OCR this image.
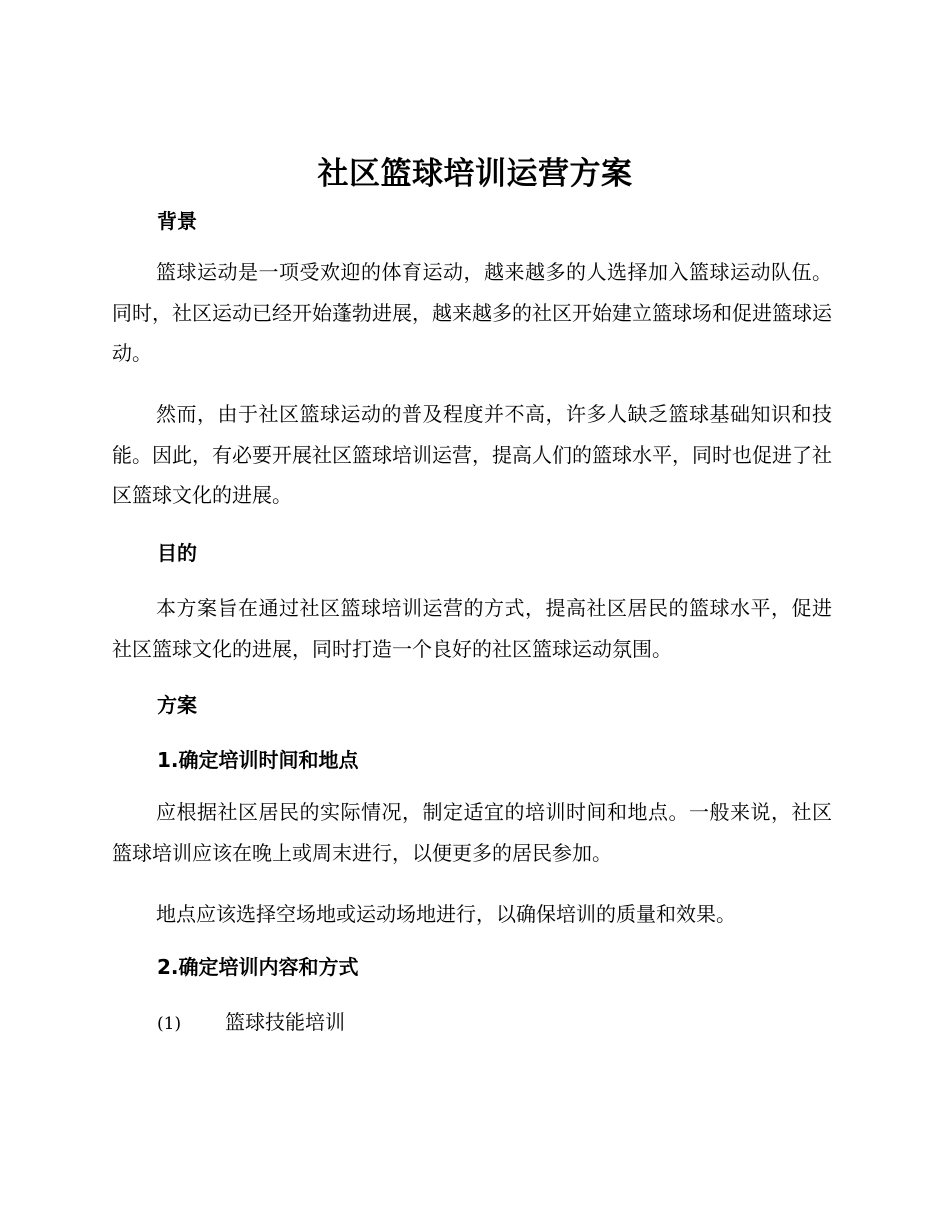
社区篮球培训运营方案
背景
篮球运动是一项受欢迎的体育运动，越来越多的人选择加入篮球运动队伍。同时，社区运动已经开始蓬勃进展，越来越多的社区开始建立篮球场和促进篮球运动。
然而，由于社区篮球运动的普及程度并不高，许多人缺乏篮球基础知识和技能。因此，有必要开展社区篮球培训运营，提高人们的篮球水平，同时也促进了社区篮球文化的进展。
目的
本方案旨在通过社区篮球培训运营的方式，提高社区居民的篮球水平，促进社区篮球文化的进展，同时打造一个良好的社区篮球运动氛围。
方案
1.确定培训时间和地点
应根据社区居民的实际情况，制定适宜的培训时间和地点。一般来说，社区篮球培训应该在晚上或周末进行，以便更多的居民参加。
地点应该选择空场地或运动场地进行，以确保培训的质量和效果。
2.确定培训内容和方式
(1) 篮球技能培训
